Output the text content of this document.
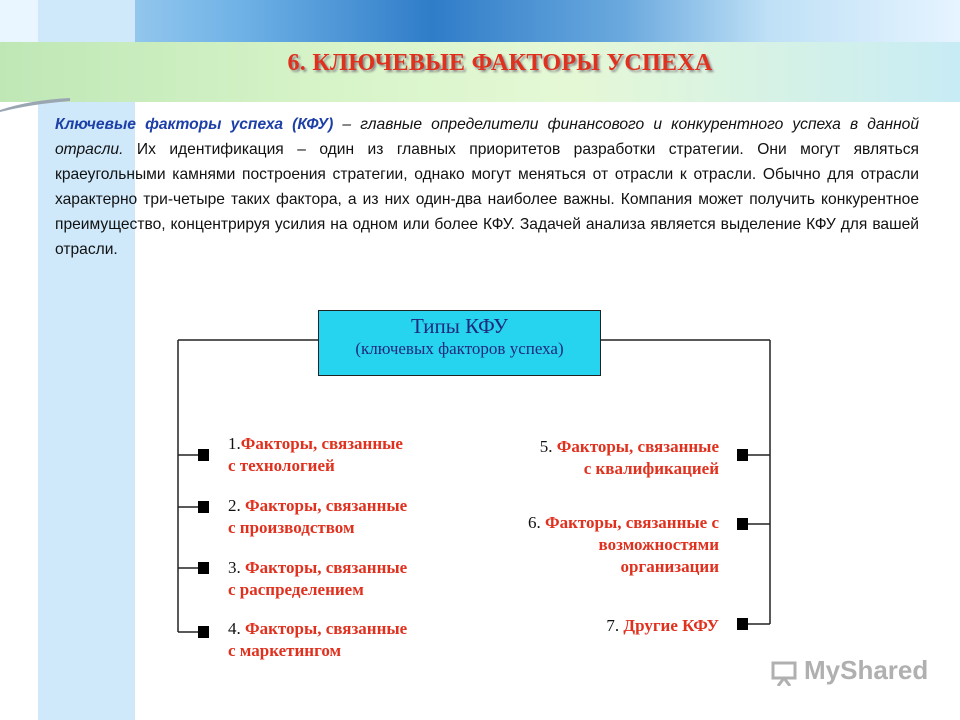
6. КЛЮЧЕВЫЕ ФАКТОРЫ УСПЕХА
Ключевые факторы успеха (КФУ) – главные определители финансового и конкурентного успеха в данной отрасли. Их идентификация – один из главных приоритетов разработки стратегии. Они могут являться краеугольными камнями построения стратегии, однако могут меняться от отрасли к отрасли. Обычно для отрасли характерно три-четыре таких фактора, а из них один-два наиболее важны. Компания может получить конкурентное преимущество, концентрируя усилия на одном или более КФУ. Задачей анализа является выделение КФУ для вашей отрасли.
Типы КФУ
(ключевых факторов успеха)
1.Факторы, связанные
с технологией
2. Факторы, связанные
с производством
3. Факторы, связанные
с распределением
4. Факторы, связанные
с маркетингом
5. Факторы, связанные
с квалификацией
6. Факторы, связанные с
возможностями
организации
7. Другие КФУ
MyShared
